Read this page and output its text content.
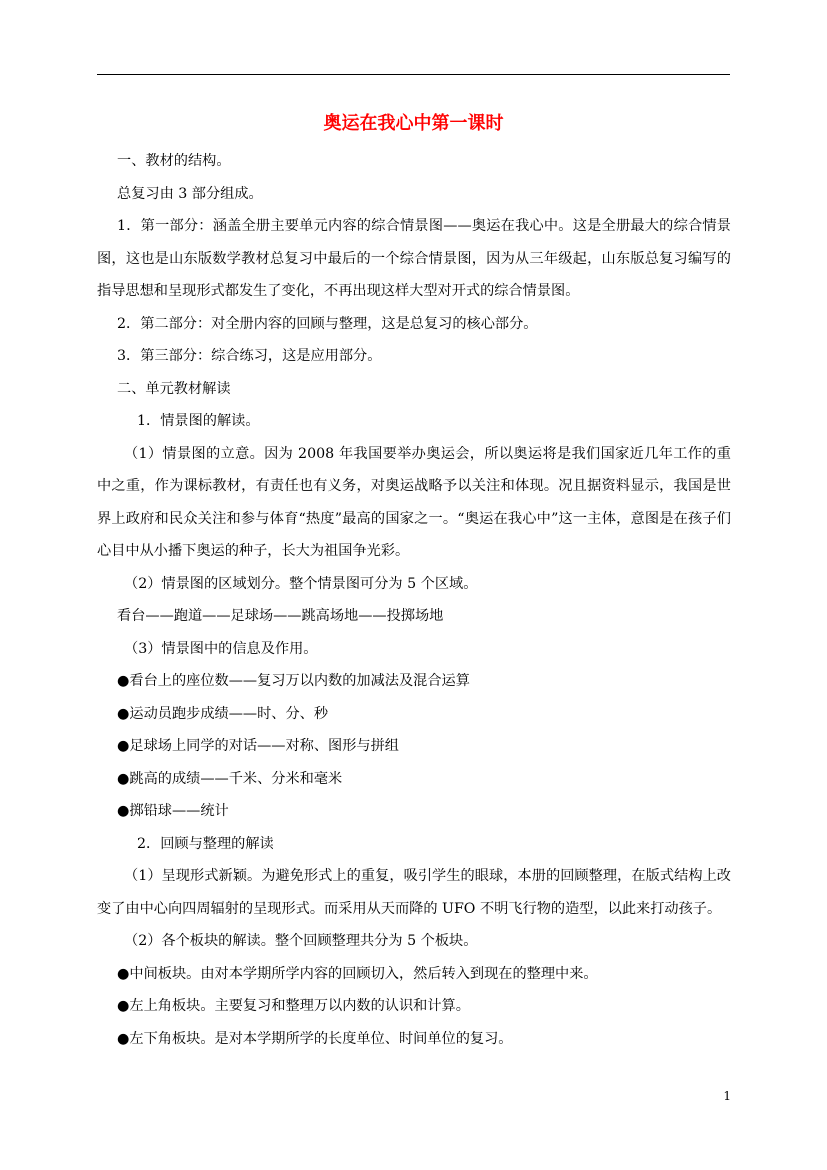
奥运在我心中第一课时

一、教材的结构。

总复习由 3 部分组成。

1．第一部分：涵盖全册主要单元内容的综合情景图——奥运在我心中。这是全册最大的综合情景图，这也是山东版数学教材总复习中最后的一个综合情景图，因为从三年级起，山东版总复习编写的指导思想和呈现形式都发生了变化，不再出现这样大型对开式的综合情景图。

2．第二部分：对全册内容的回顾与整理，这是总复习的核心部分。

3．第三部分：综合练习，这是应用部分。

二、单元教材解读

1．情景图的解读。

（1）情景图的立意。因为 2008 年我国要举办奥运会，所以奥运将是我们国家近几年工作的重中之重，作为课标教材，有责任也有义务，对奥运战略予以关注和体现。况且据资料显示，我国是世界上政府和民众关注和参与体育“热度”最高的国家之一。“奥运在我心中”这一主体，意图是在孩子们心目中从小播下奥运的种子，长大为祖国争光彩。

（2）情景图的区域划分。整个情景图可分为 5 个区域。

看台——跑道——足球场——跳高场地——投掷场地

（3）情景图中的信息及作用。

●看台上的座位数——复习万以内数的加减法及混合运算

●运动员跑步成绩——时、分、秒

●足球场上同学的对话——对称、图形与拼组

●跳高的成绩——千米、分米和毫米

●掷铅球——统计

2．回顾与整理的解读

（1）呈现形式新颖。为避免形式上的重复，吸引学生的眼球，本册的回顾整理，在版式结构上改变了由中心向四周辐射的呈现形式。而采用从天而降的 UFO 不明飞行物的造型，以此来打动孩子。

（2）各个板块的解读。整个回顾整理共分为 5 个板块。

●中间板块。由对本学期所学内容的回顾切入，然后转入到现在的整理中来。

●左上角板块。主要复习和整理万以内数的认识和计算。

●左下角板块。是对本学期所学的长度单位、时间单位的复习。

1
